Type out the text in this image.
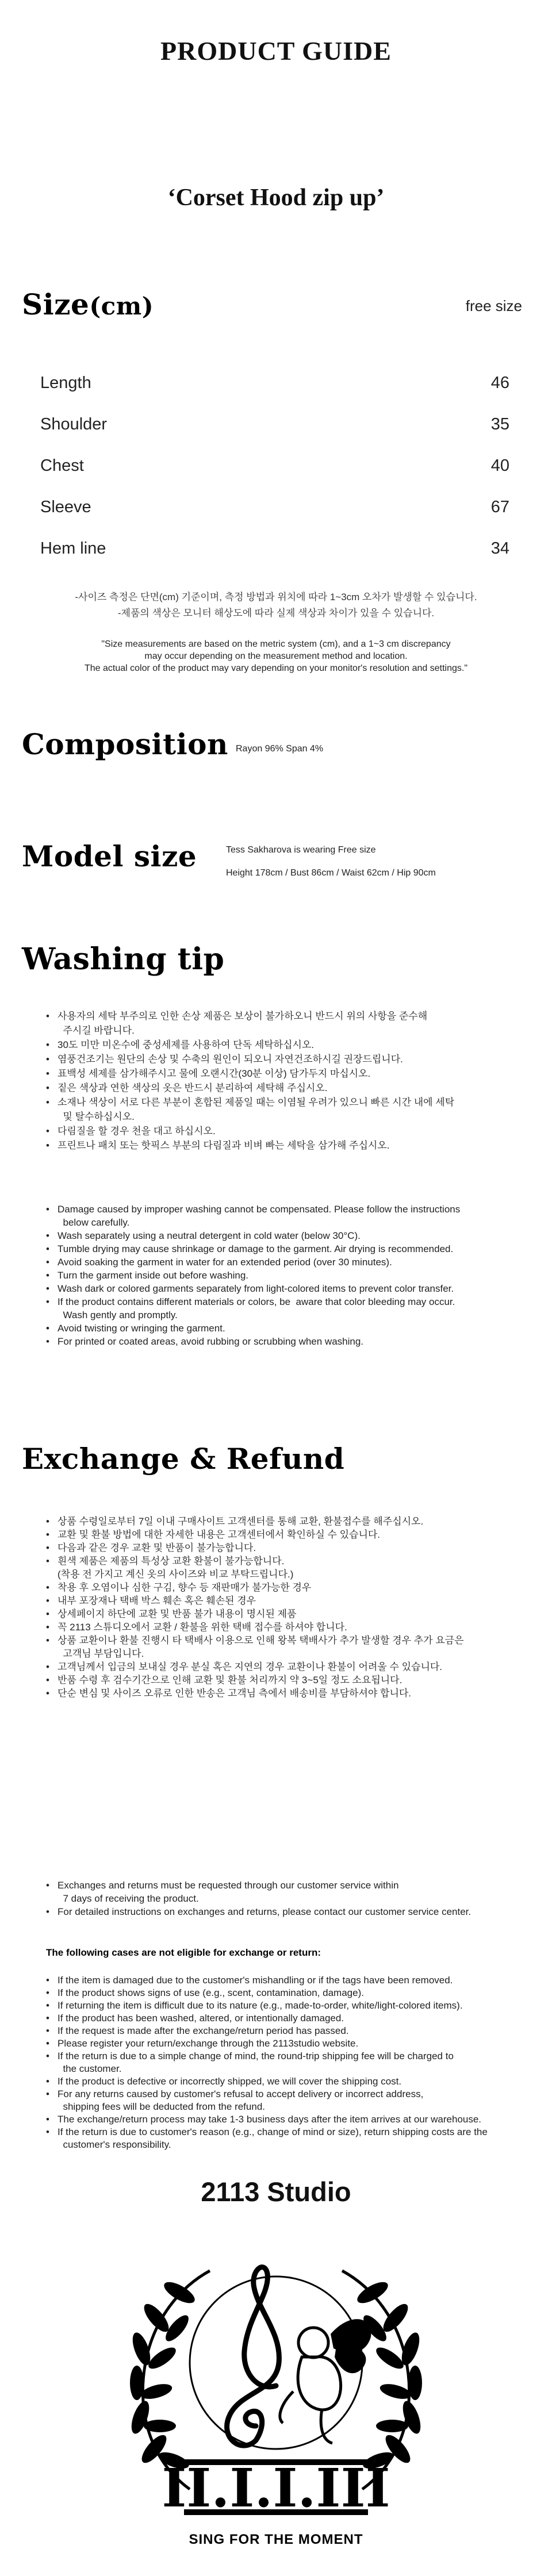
PRODUCT GUIDE
‘Corset Hood zip up’
Size(cm)	free size
Length	46
Shoulder	35
Chest	40
Sleeve	67
Hem line	34
-사이즈 측정은 단면(cm) 기준이며, 측정 방법과 위치에 따라 1~3cm 오차가 발생할 수 있습니다.
-제품의 색상은 모니터 해상도에 따라 실제 색상과 차이가 있을 수 있습니다.
"Size measurements are based on the metric system (cm), and a 1~3 cm discrepancy
may occur depending on the measurement method and location.
The actual color of the product may vary depending on your monitor's resolution and settings."
Composition Rayon 96% Span 4%
Model size	Tess Sakharova is wearing Free size
Height 178cm / Bust 86cm / Waist 62cm / Hip 90cm
Washing tip
• 사용자의 세탁 부주의로 인한 손상 제품은 보상이 불가하오니 반드시 위의 사항을 준수해
주시길 바랍니다.
• 30도 미만 미온수에 중성세제를 사용하여 단독 세탁하십시오.
• 염풍건조기는 원단의 손상 및 수축의 원인이 되오니 자연건조하시길 권장드립니다.
• 표백성 세제를 삼가해주시고 물에 오랜시간(30분 이상) 담가두지 마십시오.
• 짙은 색상과 연한 색상의 옷은 반드시 분리하여 세탁해 주십시오.
• 소재나 색상이 서로 다른 부분이 혼합된 제품일 때는 이염될 우려가 있으니 빠른 시간 내에 세탁
및 탈수하십시오.
• 다림질을 할 경우 천을 대고 하십시오.
• 프린트나 패치 또는 핫픽스 부분의 다림질과 비벼 빠는 세탁을 삼가해 주십시오.
• Damage caused by improper washing cannot be compensated. Please follow the instructions
below carefully.
• Wash separately using a neutral detergent in cold water (below 30°C).
• Tumble drying may cause shrinkage or damage to the garment. Air drying is recommended.
• Avoid soaking the garment in water for an extended period (over 30 minutes).
• Turn the garment inside out before washing.
• Wash dark or colored garments separately from light-colored items to prevent color transfer.
• If the product contains different materials or colors, be  aware that color bleeding may occur.
Wash gently and promptly.
• Avoid twisting or wringing the garment.
• For printed or coated areas, avoid rubbing or scrubbing when washing.
Exchange & Refund
• 상품 수령일로부터 7일 이내 구매사이트 고객센터를 통해 교환, 환불접수를 해주십시오.
• 교환 및 환불 방법에 대한 자세한 내용은 고객센터에서 확인하실 수 있습니다.
• 다음과 같은 경우 교환 및 반품이 불가능합니다.
• 흰색 제품은 제품의 특성상 교환 환불이 불가능합니다.
(착용 전 가지고 계신 옷의 사이즈와 비교 부탁드립니다.)
• 착용 후 오염이나 심한 구김, 향수 등 재판매가 불가능한 경우
• 내부 포장재나 택배 박스 훼손 혹은 훼손된 경우
• 상세페이지 하단에 교환 및 반품 불가 내용이 명시된 제품
• 꼭 2113 스튜디오에서 교환 / 환불을 위한 택배 접수를 하셔야 합니다.
• 상품 교환이나 환불 진행시 타 택배사 이용으로 인해 왕복 택배사가 추가 발생할 경우 추가 요금은
고객님 부담입니다.
• 고객님께서 입금의 보내실 경우 분실 혹은 지연의 경우 교환이나 환불이 어려울 수 있습니다.
• 반품 수령 후 검수기간으로 인해 교환 및 환불 처리까지 약 3~5일 정도 소요됩니다.
• 단순 변심 및 사이즈 오류로 인한 반송은 고객님 측에서 배송비를 부담하셔야 합니다.
• Exchanges and returns must be requested through our customer service within
7 days of receiving the product.
• For detailed instructions on exchanges and returns, please contact our customer service center.
The following cases are not eligible for exchange or return:
• If the item is damaged due to the customer's mishandling or if the tags have been removed.
• If the product shows signs of use (e.g., scent, contamination, damage).
• If returning the item is difficult due to its nature (e.g., made-to-order, white/light-colored items).
• If the product has been washed, altered, or intentionally damaged.
• If the request is made after the exchange/return period has passed.
• Please register your return/exchange through the 2113studio website.
• If the return is due to a simple change of mind, the round-trip shipping fee will be charged to
the customer.
• If the product is defective or incorrectly shipped, we will cover the shipping cost.
• For any returns caused by customer's refusal to accept delivery or incorrect address,
shipping fees will be deducted from the refund.
• The exchange/return process may take 1-3 business days after the item arrives at our warehouse.
• If the return is due to customer's reason (e.g., change of mind or size), return shipping costs are the
customer's responsibility.
2113 Studio
II.I.I.III
SING FOR THE MOMENT
